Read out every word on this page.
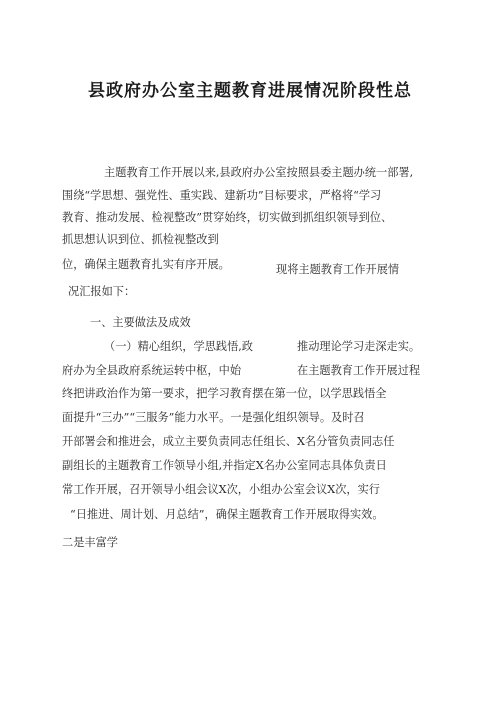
县政府办公室主题教育进展情况阶段性总
主题教育工作开展以来,县政府办公室按照县委主题办统一部署,
围绕“学思想、强党性、重实践、建新功”目标要求，严格将“学习
教育、推动发展、检视整改”贯穿始终，切实做到抓组织领导到位、
抓思想认识到位、抓检视整改到
位，确保主题教育扎实有序开展。	现将主题教育工作开展情
况汇报如下：
一、主要做法及成效
（一）精心组织，学思践悟,政	推动理论学习走深走实。
府办为全县政府系统运转中枢，中始	在主题教育工作开展过程
终把讲政治作为第一要求，把学习教育摆在第一位，以学思践悟全
面提升“三办”“三服务”能力水平。一是强化组织领导。及时召
开部署会和推进会，成立主要负责同志任组长、X名分管负责同志任
副组长的主题教育工作领导小组,并指定X名办公室同志具体负责日
常工作开展，召开领导小组会议X次，小组办公室会议X次，实行
“日推进、周计划、月总结”，确保主题教育工作开展取得实效。
二是丰富学
